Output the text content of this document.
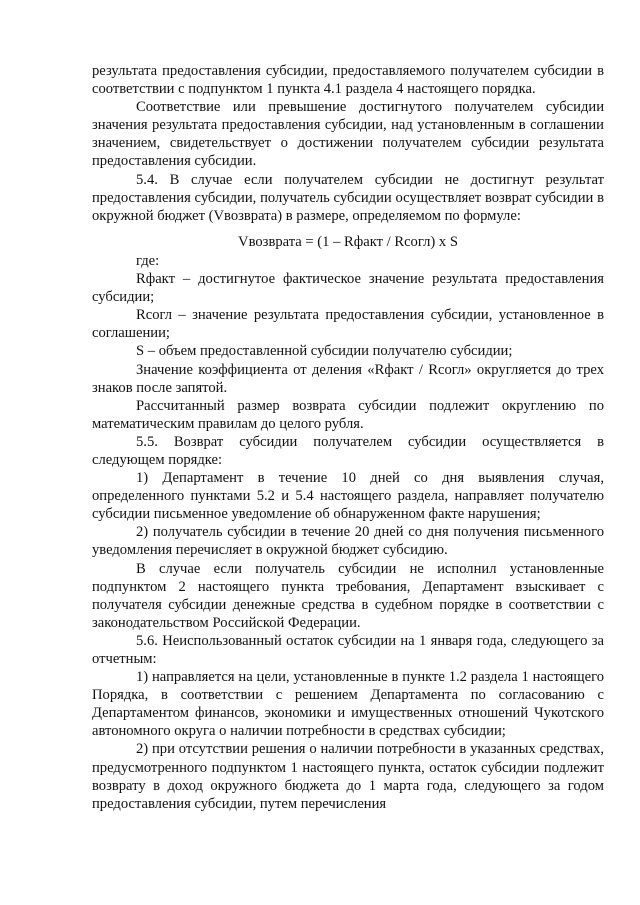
результата предоставления субсидии, предоставляемого получателем субсидии в соответствии с подпунктом 1 пункта 4.1 раздела 4 настоящего порядка.

Соответствие или превышение достигнутого получателем субсидии значения результата предоставления субсидии, над установленным в соглашении значением, свидетельствует о достижении получателем субсидии результата предоставления субсидии.

5.4. В случае если получателем субсидии не достигнут результат предоставления субсидии, получатель субсидии осуществляет возврат субсидии в окружной бюджет (Vвозврата) в размере, определяемом по формуле:

Vвозврата = (1 – Rфакт / Rсогл) x S

где:

Rфакт – достигнутое фактическое значение результата предоставления субсидии;

Rсогл – значение результата предоставления субсидии, установленное в соглашении;

S – объем предоставленной субсидии получателю субсидии;

Значение коэффициента от деления «Rфакт / Rсогл» округляется до трех знаков после запятой.

Рассчитанный размер возврата субсидии подлежит округлению по математическим правилам до целого рубля.

5.5. Возврат субсидии получателем субсидии осуществляется в следующем порядке:

1) Департамент в течение 10 дней со дня выявления случая, определенного пунктами 5.2 и 5.4 настоящего раздела, направляет получателю субсидии письменное уведомление об обнаруженном факте нарушения;

2) получатель субсидии в течение 20 дней со дня получения письменного уведомления перечисляет в окружной бюджет субсидию.

В случае если получатель субсидии не исполнил установленные подпунктом 2 настоящего пункта требования, Департамент взыскивает с получателя субсидии денежные средства в судебном порядке в соответствии с законодательством Российской Федерации.

5.6. Неиспользованный остаток субсидии на 1 января года, следующего за отчетным:

1) направляется на цели, установленные в пункте 1.2 раздела 1 настоящего Порядка, в соответствии с решением Департамента по согласованию с Департаментом финансов, экономики и имущественных отношений Чукотского автономного округа о наличии потребности в средствах субсидии;

2) при отсутствии решения о наличии потребности в указанных средствах, предусмотренного подпунктом 1 настоящего пункта, остаток субсидии подлежит возврату в доход окружного бюджета до 1 марта года, следующего за годом предоставления субсидии, путем перечисления
